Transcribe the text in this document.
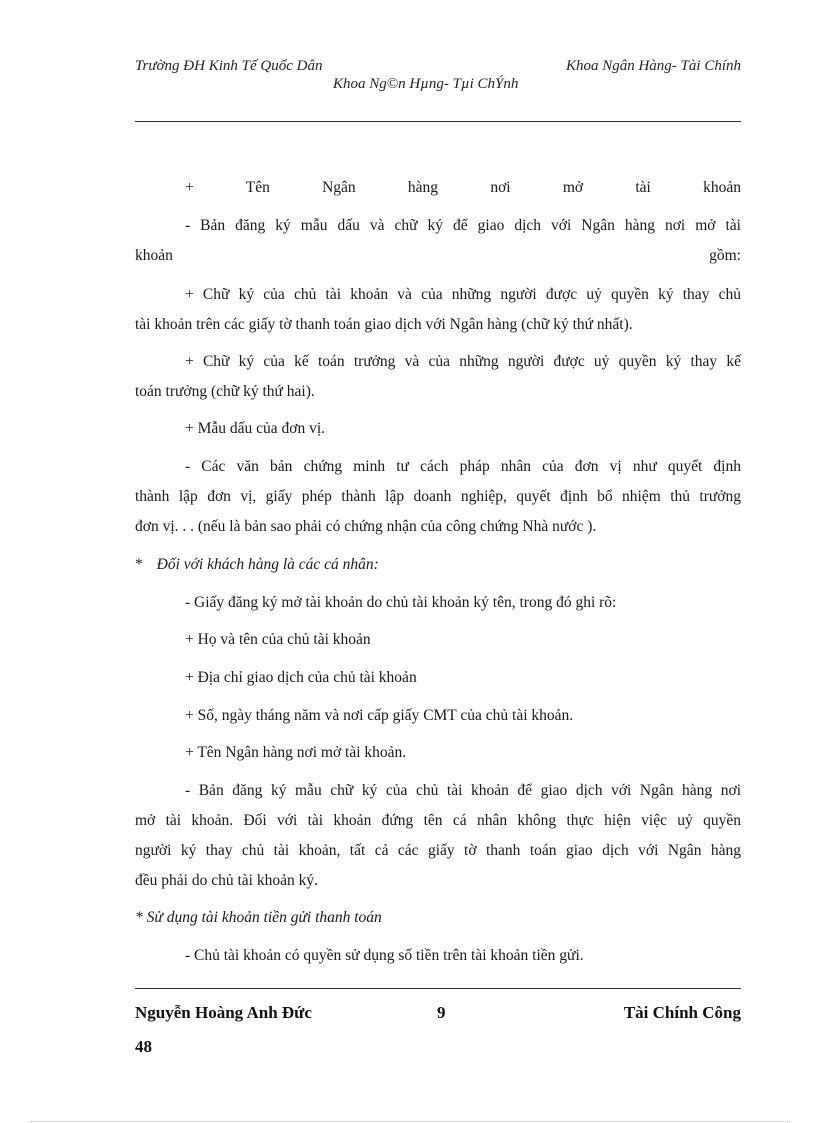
Trường ĐH Kinh Tế Quốc Dân	Khoa Ngân Hàng- Tài Chính
Khoa Ng©n Hµng- Tµi ChÝnh
+ Tên Ngân hàng nơi mở tài khoản
- Bản đăng ký mẫu dấu và chữ ký để giao dịch với Ngân hàng nơi mở tài
khoản gồm:
+ Chữ ký của chủ tài khoản và của những người được uỷ quyền ký thay chủ
tài khoản trên các giấy tờ thanh toán giao dịch với Ngân hàng (chữ ký thứ nhất).
+ Chữ ký của kế toán trưởng và của những người được uỷ quyền ký thay kế
toán trưởng (chữ ký thứ hai).
+ Mẫu dấu của đơn vị.
- Các văn bản chứng minh tư cách pháp nhân của đơn vị như quyết định
thành lập đơn vị, giấy phép thành lập doanh nghiệp, quyết định bổ nhiệm thủ trưởng
đơn vị. . . (nếu là bản sao phải có chứng nhận của công chứng Nhà nước ).
* Đối với khách hàng là các cá nhân:
- Giấy đăng ký mở tài khoản do chủ tài khoản ký tên, trong đó ghi rõ:
+ Họ và tên của chủ tài khoản
+ Địa chỉ giao dịch của chủ tài khoản
+ Số, ngày tháng năm và nơi cấp giấy CMT của chủ tài khoản.
+ Tên Ngân hàng nơi mở tài khoản.
- Bản đăng ký mẫu chữ ký của chủ tài khoản để giao dịch với Ngân hàng nơi
mở tài khoản. Đối với tài khoản đứng tên cá nhân không thực hiện việc uỷ quyền
người ký thay chủ tài khoản, tất cả các giấy tờ thanh toán giao dịch với Ngân hàng
đều phải do chủ tài khoản ký.
* Sử dụng tài khoản tiền gửi thanh toán
- Chủ tài khoản có quyền sử dụng số tiền trên tài khoản tiền gửi.
Nguyễn Hoàng Anh Đức	9	Tài Chính Công
48
